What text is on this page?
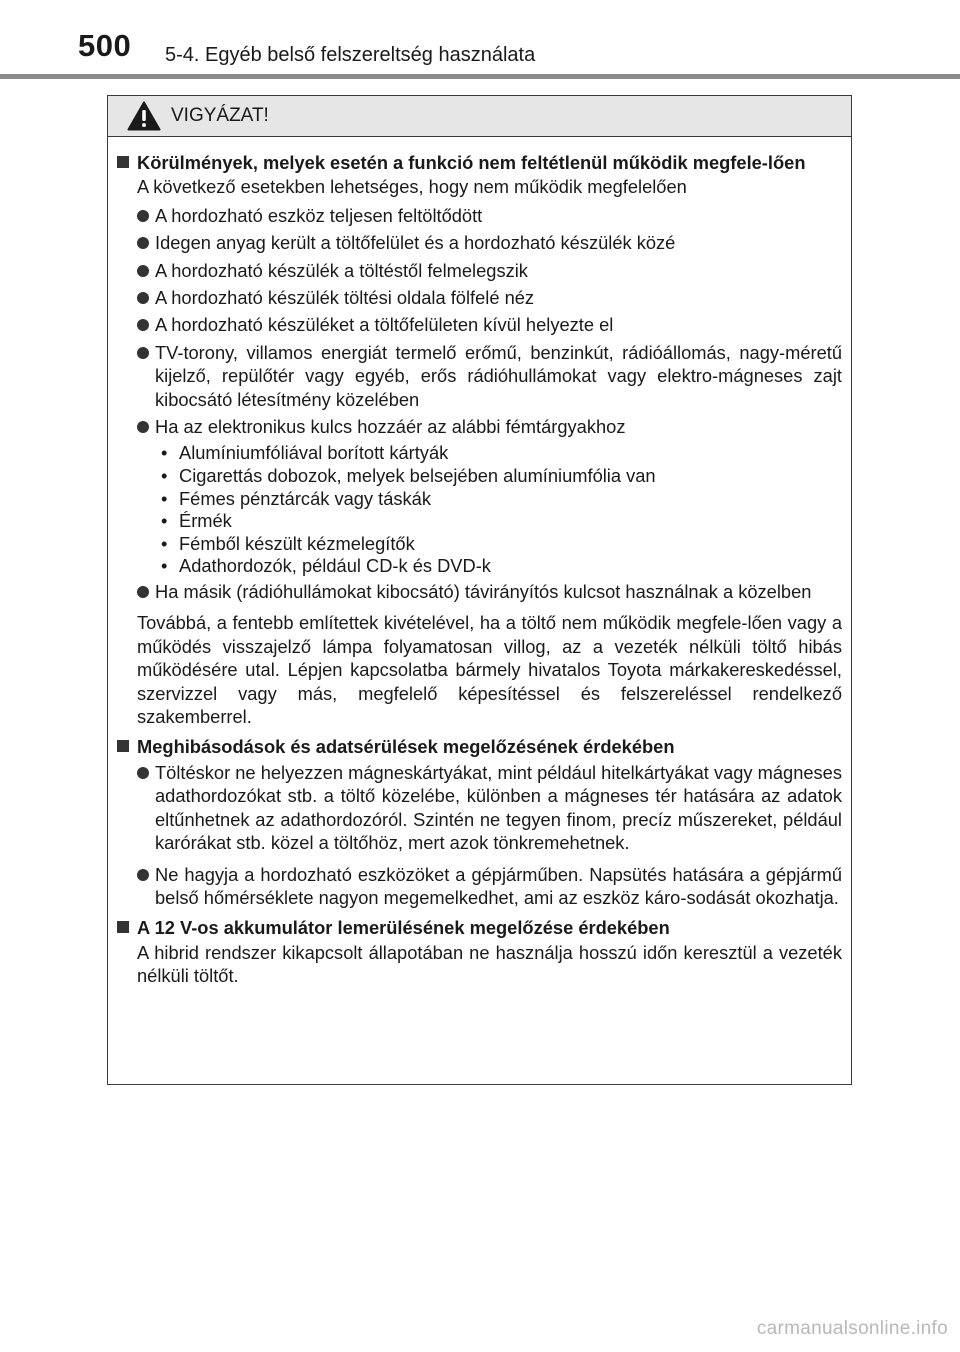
500 5-4. Egyéb belső felszereltség használata
VIGYÁZAT!
Körülmények, melyek esetén a funkció nem feltétlenül működik megfele-lően
A következő esetekben lehetséges, hogy nem működik megfelelően
A hordozható eszköz teljesen feltöltődött
Idegen anyag került a töltőfelület és a hordozható készülék közé
A hordozható készülék a töltéstől felmelegszik
A hordozható készülék töltési oldala fölfelé néz
A hordozható készüléket a töltőfelületen kívül helyezte el
TV-torony, villamos energiát termelő erőmű, benzinkút, rádióállomás, nagy-méretű kijelző, repülőtér vagy egyéb, erős rádióhullámokat vagy elektro-mágneses zajt kibocsátó létesítmény közelében
Ha az elektronikus kulcs hozzáér az alábbi fémtárgyakhoz
• Alumíniumfóliával borított kártyák
• Cigarettás dobozok, melyek belsejében alumíniumfólia van
• Fémes pénztárcák vagy táskák
• Érmék
• Fémből készült kézmelegítők
• Adathordozók, például CD-k és DVD-k
Ha másik (rádióhullámokat kibocsátó) távirányítós kulcsot használnak a közelben
Továbbá, a fentebb említettek kivételével, ha a töltő nem működik megfele-lően vagy a működés visszajelző lámpa folyamatosan villog, az a vezeték nélküli töltő hibás működésére utal. Lépjen kapcsolatba bármely hivatalos Toyota márkakereskedéssel, szervizzel vagy más, megfelelő képesítéssel és felszereléssel rendelkező szakemberrel.
Meghibásodások és adatsérülések megelőzésének érdekében
Töltéskor ne helyezzen mágneskártyákat, mint például hitelkártyákat vagy mágneses adathordozókat stb. a töltő közelébe, különben a mágneses tér hatására az adatok eltűnhetnek az adathordozóról. Szintén ne tegyen finom, precíz műszereket, például karórákat stb. közel a töltőhöz, mert azok tönkremehetnek.
Ne hagyja a hordozható eszközöket a gépjárműben. Napsütés hatására a gépjármű belső hőmérséklete nagyon megemelkedhet, ami az eszköz káro-sodását okozhatja.
A 12 V-os akkumulátor lemerülésének megelőzése érdekében
A hibrid rendszer kikapcsolt állapotában ne használja hosszú időn keresztül a vezeték nélküli töltőt.
carmanualsonline.info
